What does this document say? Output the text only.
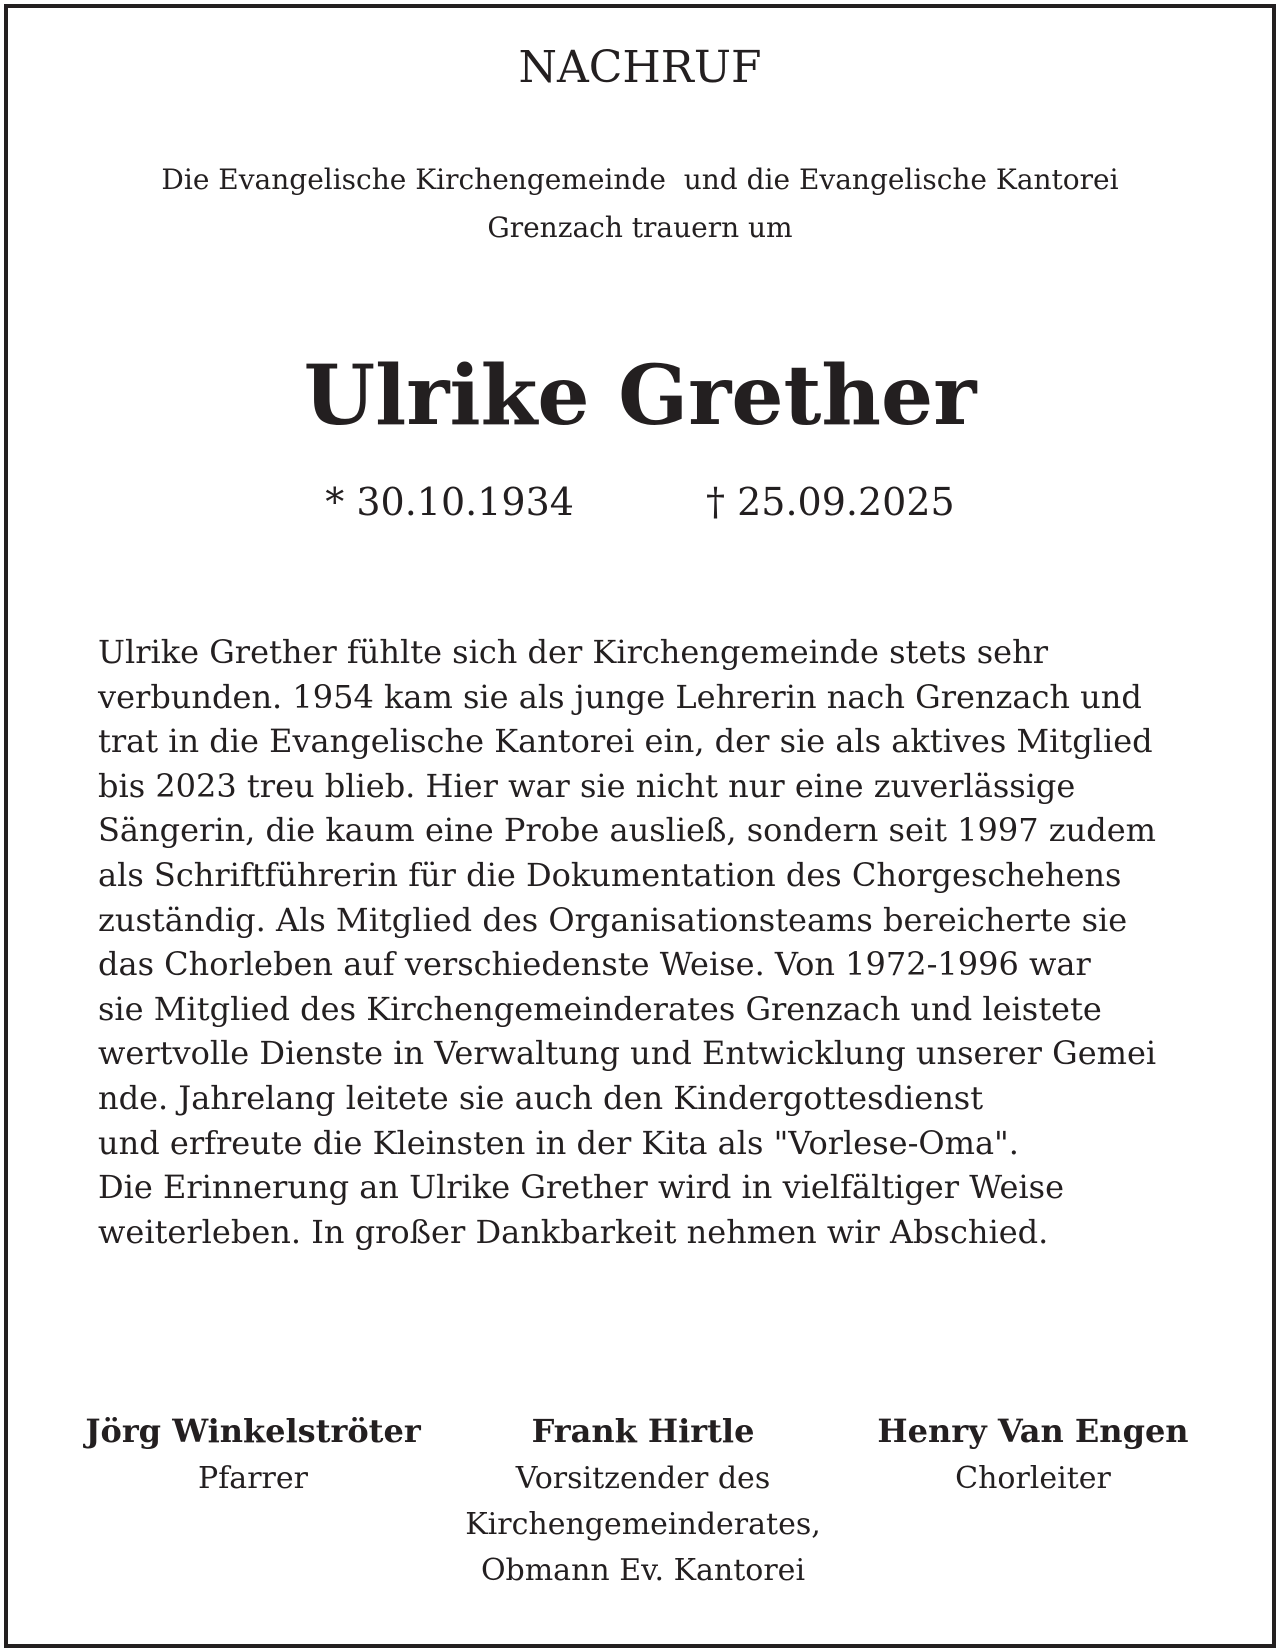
NACHRUF
Die Evangelische Kirchengemeinde  und die Evangelische Kantorei
Grenzach trauern um
Ulrike Grether
* 30.10.1934	† 25.09.2025
Ulrike Grether fühlte sich der Kirchengemeinde stets sehr
verbunden. 1954 kam sie als junge Lehrerin nach Grenzach und
trat in die Evangelische Kantorei ein, der sie als aktives Mitglied
bis 2023 treu blieb. Hier war sie nicht nur eine zuverlässige
Sängerin, die kaum eine Probe ausließ, sondern seit 1997 zudem
als Schriftführerin für die Dokumentation des Chorgeschehens
zuständig. Als Mitglied des Organisationsteams bereicherte sie
das Chorleben auf verschiedenste Weise. Von 1972-1996 war
sie Mitglied des Kirchengemeinderates Grenzach und leistete
wertvolle Dienste in Verwaltung und Entwicklung unserer Gemei
nde. Jahrelang leitete sie auch den Kindergottesdienst
und erfreute die Kleinsten in der Kita als "Vorlese-Oma".
Die Erinnerung an Ulrike Grether wird in vielfältiger Weise
weiterleben. In großer Dankbarkeit nehmen wir Abschied.
Jörg Winkelströter
Pfarrer
Frank Hirtle
Vorsitzender des
Kirchengemeinderates,
Obmann Ev. Kantorei
Henry Van Engen
Chorleiter
